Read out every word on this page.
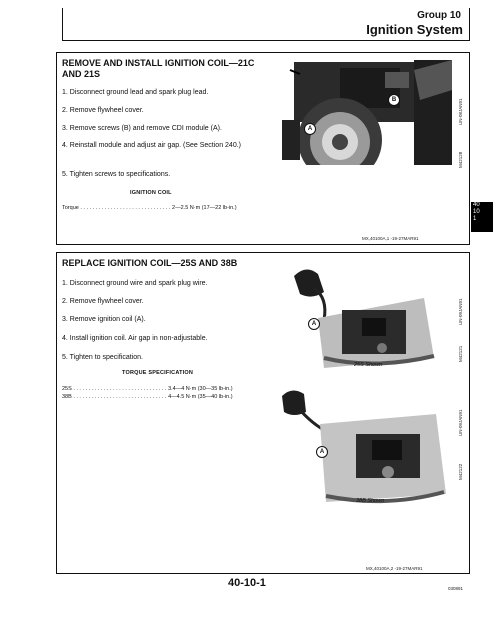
Group 10
Ignition System
REMOVE AND INSTALL IGNITION COIL—21C AND 21S
1. Disconnect ground lead and spark plug lead.
2. Remove flywheel cover.
3. Remove screws (B) and remove CDI module (A).
4. Reinstall module and adjust air gap. (See Section 240.)
5. Tighten screws to specifications.
IGNITION COIL
Torque . . . . . . . . . . . . . . . . . . . . . . . . . . . . . . 2—2.5 N·m (17—22 lb-in.)
B
A
UN-08JAN91
M42128
MX,40100A,1 -19-27MAR91
40
10
1
REPLACE IGNITION COIL—25S AND 38B
1. Disconnect ground wire and spark plug wire.
2. Remove flywheel cover.
3. Remove ignition coil (A).
4. Install ignition coil. Air gap in non-adjustable.
5. Tighten to specification.
TORQUE SPECIFICATION
25S . . . . . . . . . . . . . . . . . . . . . . . . . . . . . . . 3.4—4 N·m (30—35 lb-in.)
38B . . . . . . . . . . . . . . . . . . . . . . . . . . . . . . . 4—4.5 N·m (35—40 lb-in.)
A
25S Shown
UN-09JAN91
M42121
A
38B Shown
UN-09JAN91
M42122
MX,40100A,2 -19-27MAR91
40-10-1	030891
